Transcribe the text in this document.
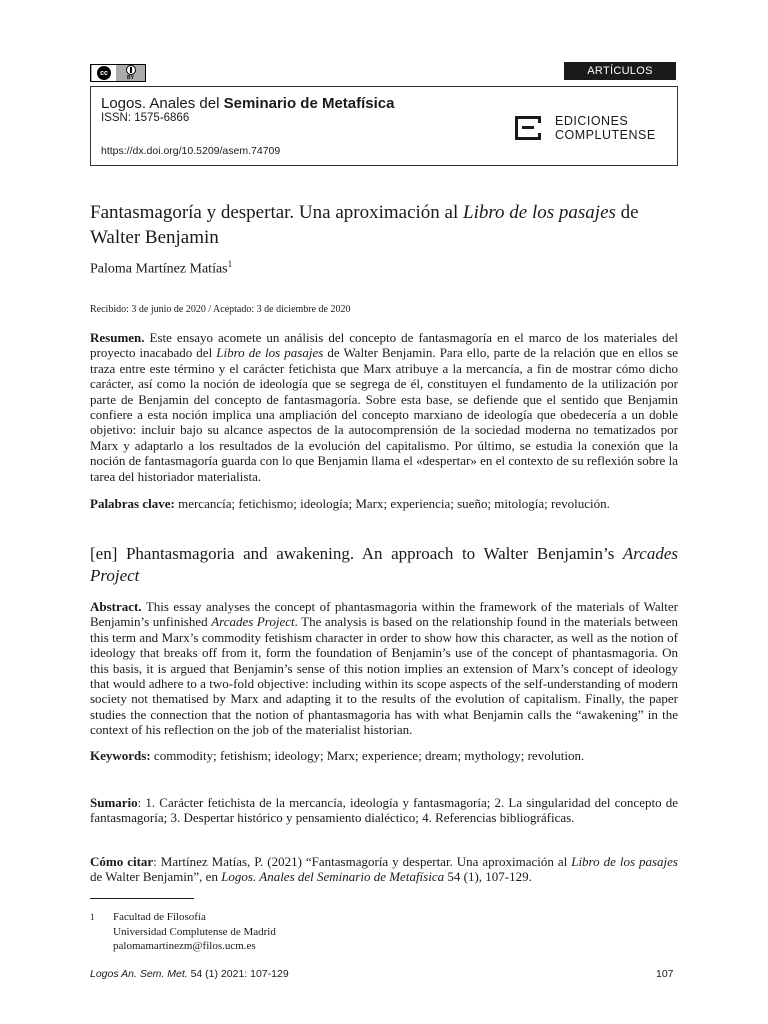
cc
BY
ARTÍCULOS
Logos. Anales del Seminario de Metafísica
ISSN: 1575-6866
https://dx.doi.org/10.5209/asem.74709
EDICIONES
COMPLUTENSE
Fantasmagoría y despertar. Una aproximación al Libro de los pasajes de Walter Benjamin
Paloma Martínez Matías$^1$
Recibido: 3 de junio de 2020 / Aceptado: 3 de diciembre de 2020

Resumen. Este ensayo acomete un análisis del concepto de fantasmagoría en el marco de los materiales del proyecto inacabado del Libro de los pasajes de Walter Benjamin. Para ello, parte de la relación que en ellos se traza entre este término y el carácter fetichista que Marx atribuye a la mercancía, a fin de mostrar cómo dicho carácter, así como la noción de ideología que se segrega de él, constituyen el fundamento de la utilización por parte de Benjamin del concepto de fantasmagoría. Sobre esta base, se defiende que el sentido que Benjamin confiere a esta noción implica una ampliación del concepto marxiano de ideología que obedecería a un doble objetivo: incluir bajo su alcance aspectos de la autocomprensión de la sociedad moderna no tematizados por Marx y adaptarlo a los resultados de la evolución del capitalismo. Por último, se estudia la conexión que la noción de fantasmagoría guarda con lo que Benjamin llama el «despertar» en el contexto de su reflexión sobre la tarea del historiador materialista.

Palabras clave: mercancía; fetichismo; ideología; Marx; experiencia; sueño; mitología; revolución.

[en] Phantasmagoria and awakening. An approach to Walter Benjamin’s Arcades Project

Abstract. This essay analyses the concept of phantasmagoria within the framework of the materials of Walter Benjamin’s unfinished Arcades Project. The analysis is based on the relationship found in the materials between this term and Marx’s commodity fetishism character in order to show how this character, as well as the notion of ideology that breaks off from it, form the foundation of Benjamin’s use of the concept of phantasmagoria. On this basis, it is argued that Benjamin’s sense of this notion implies an extension of Marx’s concept of ideology that would adhere to a two-fold objective: including within its scope aspects of the self-understanding of modern society not thematised by Marx and adapting it to the results of the evolution of capitalism. Finally, the paper studies the connection that the notion of phantasmagoria has with what Benjamin calls the “awakening” in the context of his reflection on the job of the materialist historian.

Keywords: commodity; fetishism; ideology; Marx; experience; dream; mythology; revolution.

Sumario: 1. Carácter fetichista de la mercancía, ideología y fantasmagoría; 2. La singularidad del concepto de fantasmagoría; 3. Despertar histórico y pensamiento dialéctico; 4. Referencias bibliográficas.

Cómo citar: Martínez Matías, P. (2021) “Fantasmagoría y despertar. Una aproximación al Libro de los pasajes de Walter Benjamin”, en Logos. Anales del Seminario de Metafísica 54 (1), 107-129.

1	Facultad de Filosofía
Universidad Complutense de Madrid
palomamartinezm@filos.ucm.es
Logos An. Sem. Met. 54 (1) 2021: 107-129	107
